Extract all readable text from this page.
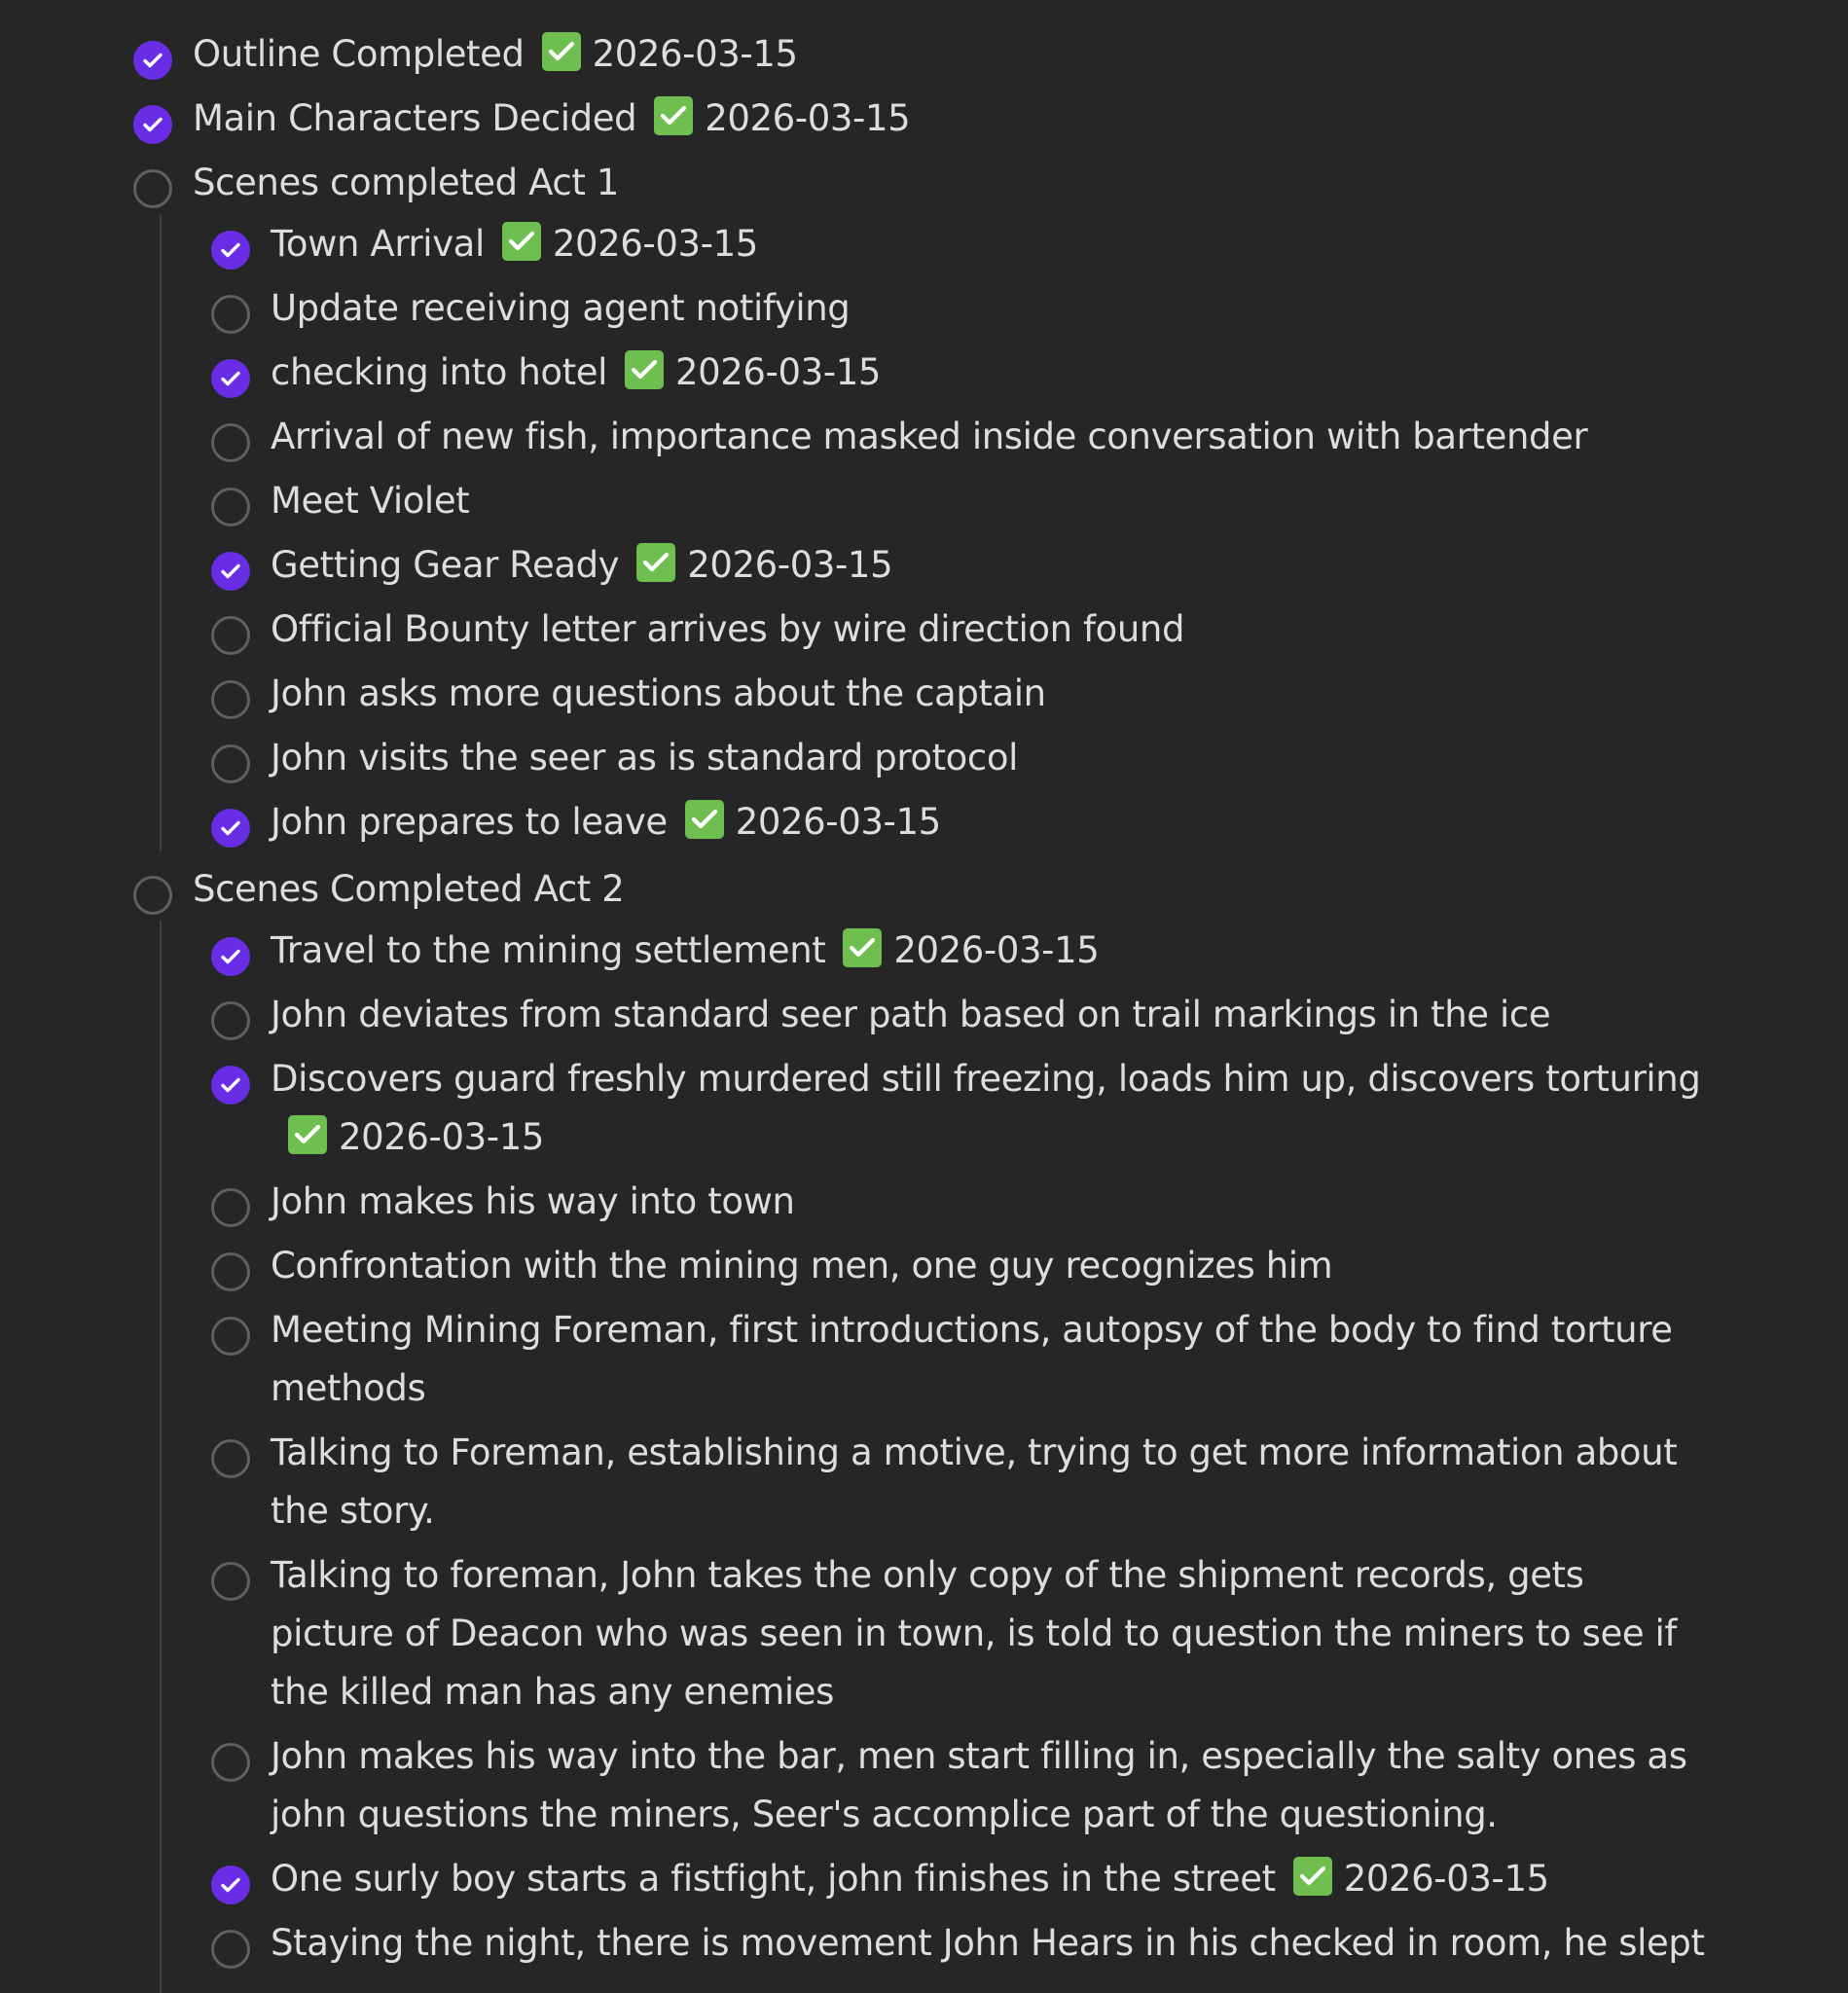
Outline Completed 2026-03-15
Main Characters Decided 2026-03-15
Scenes completed Act 1
Town Arrival 2026-03-15
Update receiving agent notifying
checking into hotel 2026-03-15
Arrival of new fish, importance masked inside conversation with bartender
Meet Violet
Getting Gear Ready 2026-03-15
Official Bounty letter arrives by wire direction found
John asks more questions about the captain
John visits the seer as is standard protocol
John prepares to leave 2026-03-15
Scenes Completed Act 2
Travel to the mining settlement 2026-03-15
John deviates from standard seer path based on trail markings in the ice
Discovers guard freshly murdered still freezing, loads him up, discovers torturing
2026-03-15
John makes his way into town
Confrontation with the mining men, one guy recognizes him
Meeting Mining Foreman, first introductions, autopsy of the body to find torture methods
Talking to Foreman, establishing a motive, trying to get more information about the story.
Talking to foreman, John takes the only copy of the shipment records, gets picture of Deacon who was seen in town, is told to question the miners to see if the killed man has any enemies
John makes his way into the bar, men start filling in, especially the salty ones as john questions the miners, Seer's accomplice part of the questioning.
One surly boy starts a fistfight, john finishes in the street 2026-03-15
Staying the night, there is movement John Hears in his checked in room, he slept
